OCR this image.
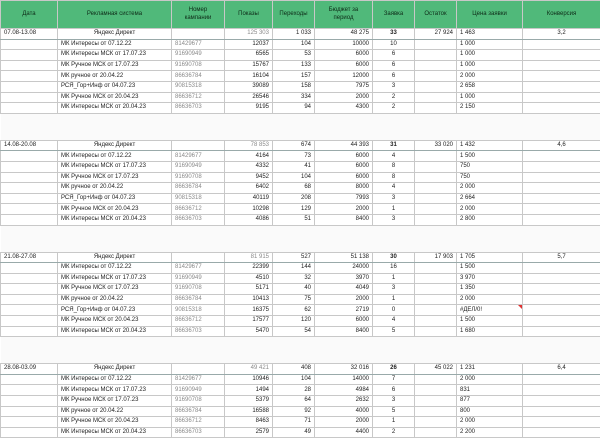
Дата	Рекламная система	Номер кампании	Показы	Переходы	Бюджет за период	Заявка	Остаток	Цена заявки	Конверсия
07.08-13.08	Яндекс Директ		125 303	1 033	48 275	33	27 924	1 463	3,2
	МК Интересы от 07.12.22	81429677	12037	104	10000	10		1 000	
	МК Интересы МСК от 17.07.23	91690949	6565	53	6000	6		1 000	
	МК Ручное МСК от 17.07.23	91690708	15767	133	6000	6		1 000	
	МК ручное от 20.04.22	86636784	16104	157	12000	6		2 000	
	РСЯ_Гор+Инф от 04.07.23	90815318	39089	158	7975	3		2 658	
	МК Ручное МСК от 20.04.23	86636712	26546	334	2000	2		1 000	
	МК Интересы МСК от 20.04.23	86636703	9195	94	4300	2		2 150	

14.08-20.08	Яндекс Директ		78 853	674	44 393	31	33 020	1 432	4,6
	МК Интересы от 07.12.22	81429677	4164	73	6000	4		1 500	
	МК Интересы МСК от 17.07.23	91690949	4332	41	6000	8		750	
	МК Ручное МСК от 17.07.23	91690708	9452	104	6000	8		750	
	МК ручное от 20.04.22	86636784	6402	68	8000	4		2 000	
	РСЯ_Гор+Инф от 04.07.23	90815318	40119	208	7993	3		2 664	
	МК Ручное МСК от 20.04.23	86636712	10298	129	2000	1		2 000	
	МК Интересы МСК от 20.04.23	86636703	4086	51	8400	3		2 800	

21.08-27.08	Яндекс Директ		81 915	527	51 138	30	17 903	1 705	5,7
	МК Интересы от 07.12.22	81429677	22399	144	24000	16		1 500	
	МК Интересы МСК от 17.07.23	91690949	4510	32	3970	1		3 970	
	МК Ручное МСК от 17.07.23	91690708	5171	40	4049	3		1 350	
	МК ручное от 20.04.22	86636784	10413	75	2000	1		2 000	
	РСЯ_Гор+Инф от 04.07.23	90815318	16375	62	2719	0		#ДЕЛ/0!

	МК Ручное МСК от 20.04.23	86636712	17577	120	6000	4		1 500	
	МК Интересы МСК от 20.04.23	86636703	5470	54	8400	5		1 680	

28.08-03.09	Яндекс Директ		49 421	408	32 016	26	45 022	1 231	6,4
	МК Интересы от 07.12.22	81429677	10946	104	14000	7		2 000	
	МК Интересы МСК от 17.07.23	91690949	1494	28	4984	6		831	
	МК Ручное МСК от 17.07.23	91690708	5379	64	2632	3		877	
	МК ручное от 20.04.22	86636784	16588	92	4000	5		800	
	МК Ручное МСК от 20.04.23	86636712	8463	71	2000	1		2 000	
	МК Интересы МСК от 20.04.23	86636703	2579	49	4400	2		2 200	
